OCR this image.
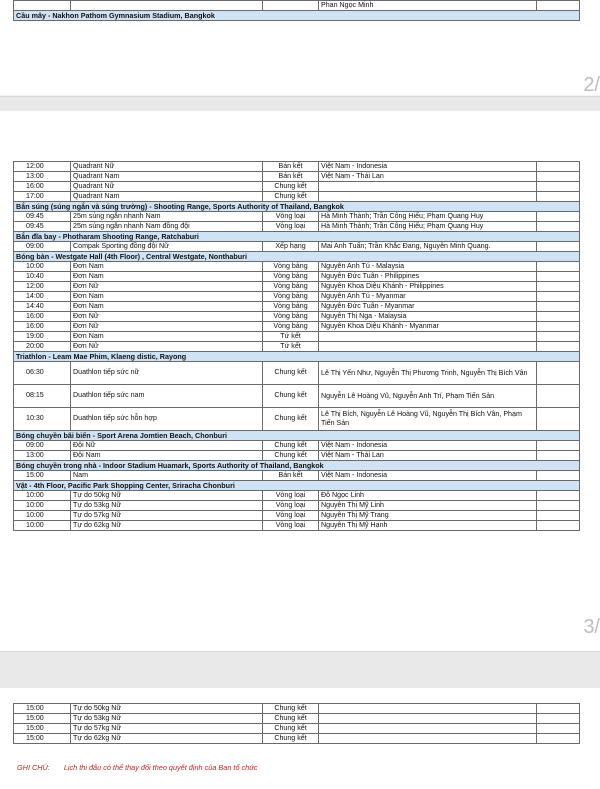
			Phan Ngọc Minh	
Cầu mây - Nakhon Pathom Gymnasium Stadium, Bangkok
2/
12:00	Quadrant Nữ	Bán kết	Việt Nam - Indonesia	
13:00	Quadrant Nam	Bán kết	Việt Nam - Thái Lan	
16:00	Quadrant Nữ	Chung kết		
17:00	Quadrant Nam	Chung kết		
Bắn súng (súng ngắn và súng trường) - Shooting Range, Sports Authority of Thailand, Bangkok				
09:45	25m súng ngắn nhanh Nam	Vòng loại	Hà Minh Thành; Trần Công Hiếu; Phạm Quang Huy	
09:45	25m súng ngắn nhanh Nam đồng đội	Vòng loại	Hà Minh Thành; Trần Công Hiếu; Phạm Quang Huy	
Bắn đĩa bay - Photharam Shooting Range, Ratchaburi				
09:00	Compak Sporting đồng đội Nữ	Xếp hạng	Mai Anh Tuấn; Trần Khắc Đang, Nguyễn Minh Quang.	
Bóng bàn - Westgate Hall (4th Floor) , Central Westgate, Nonthaburi				
10:00	Đơn Nam	Vòng bảng	Nguyễn Anh Tú - Malaysia	
10:40	Đơn Nam	Vòng bảng	Nguyễn Đức Tuân - Philippines	
12:00	Đơn Nữ	Vòng bảng	Nguyễn Khoa Diệu Khánh - Philippines	
14:00	Đơn Nam	Vòng bảng	Nguyễn Anh Tú - Myanmar	
14:40	Đơn Nam	Vòng bảng	Nguyễn Đức Tuân - Myanmar	
16:00	Đơn Nữ	Vòng bảng	Nguyễn Thị Nga - Malaysia	
16:00	Đơn Nữ	Vòng bảng	Nguyễn Khoa Diệu Khánh - Myanmar	
19:00	Đơn Nam	Tứ kết		
20:00	Đơn Nữ	Tứ kết		
Triathlon - Leam Mae Phim, Klaeng distic, Rayong				
06:30	Duathlon tiếp sức nữ	Chung kết	Lê Thị Yến Như, Nguyễn Thị Phương Trinh, Nguyễn Thị Bích Vân	
08:15	Duathlon tiếp sức nam	Chung kết	Nguyễn Lê Hoàng Vũ, Nguyễn Anh Trí, Phạm Tiến Sản	
10:30	Duathlon tiếp sức hỗn hợp	Chung kết	Lê Thị Bích, Nguyễn Lê Hoàng Vũ, Nguyễn Thị Bích Vân, Phạm Tiến Sản	
Bóng chuyền bãi biển - Sport Arena Jomtien Beach, Chonburi				
09:00	Đội Nữ	Chung kết	Việt Nam - Indonesia	
13:00	Đội Nam	Chung kết	Việt Nam - Thái Lan	
Bóng chuyền trong nhà - Indoor Stadium Huamark, Sports Authority of Thailand, Bangkok				
15:00	Nam	Bán kết	Việt Nam - Indonesia	
Vật - 4th Floor, Pacific Park Shopping Center, Sriracha Chonburi				
10:00	Tự do 50kg Nữ	Vòng loại	Đỗ Ngọc Linh	
10:00	Tự do 53kg Nữ	Vòng loại	Nguyễn Thị Mỹ Linh	
10:00	Tự do 57kg Nữ	Vòng loại	Nguyễn Thị Mỹ Trang	
10:00	Tự do 62kg Nữ	Vòng loại	Nguyễn Thị Mỹ Hạnh	
3/
15:00	Tự do 50kg Nữ	Chung kết		
15:00	Tự do 53kg Nữ	Chung kết		
15:00	Tự do 57kg Nữ	Chung kết		
15:00	Tự do 62kg Nữ	Chung kết		
GHI CHÚ: Lịch thi đấu có thể thay đổi theo quyết định của Ban tổ chức
